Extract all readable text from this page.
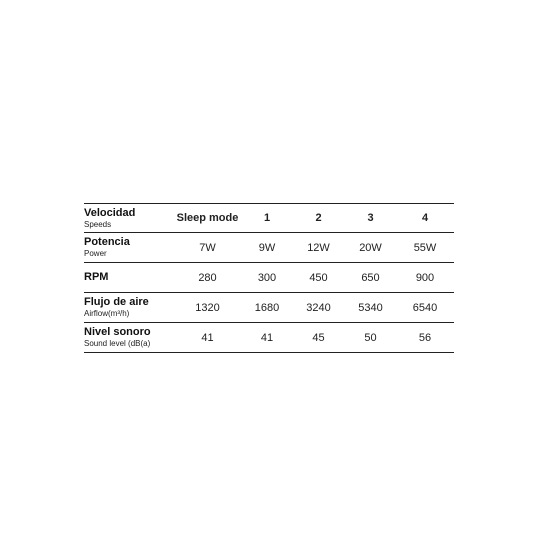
Velocidad
Speeds	Sleep mode	1	2	3	4

Potencia
Power	7W	9W	12W	20W	55W
RPM	280	300	450	650	900

Flujo de aire
Airflow(m³/h)	1320	1680	3240	5340	6540

Nivel sonoro
Sound level (dB(a)	41	41	45	50	56
